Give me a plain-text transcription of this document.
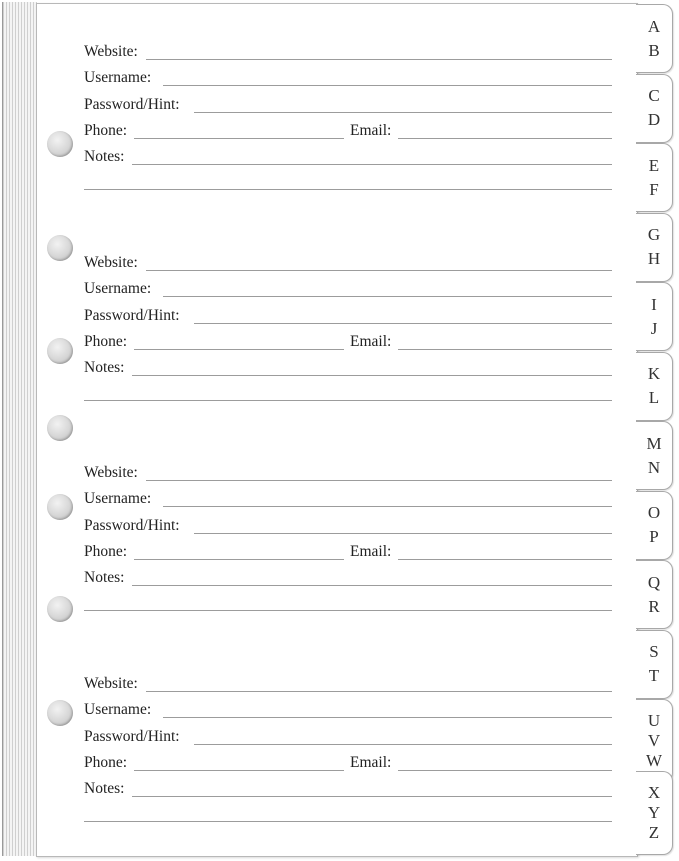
Website:
Username:
Password/Hint:
Phone:	Email:
Notes:
Website:
Username:
Password/Hint:
Phone:	Email:
Notes:
Website:
Username:
Password/Hint:
Phone:	Email:
Notes:
Website:
Username:
Password/Hint:
Phone:	Email:
Notes:
A
B
C
D
E
F
G
H
I
J
K
L
M
N
O
P
Q
R
S
T
U
V
W
X
Y
Z
